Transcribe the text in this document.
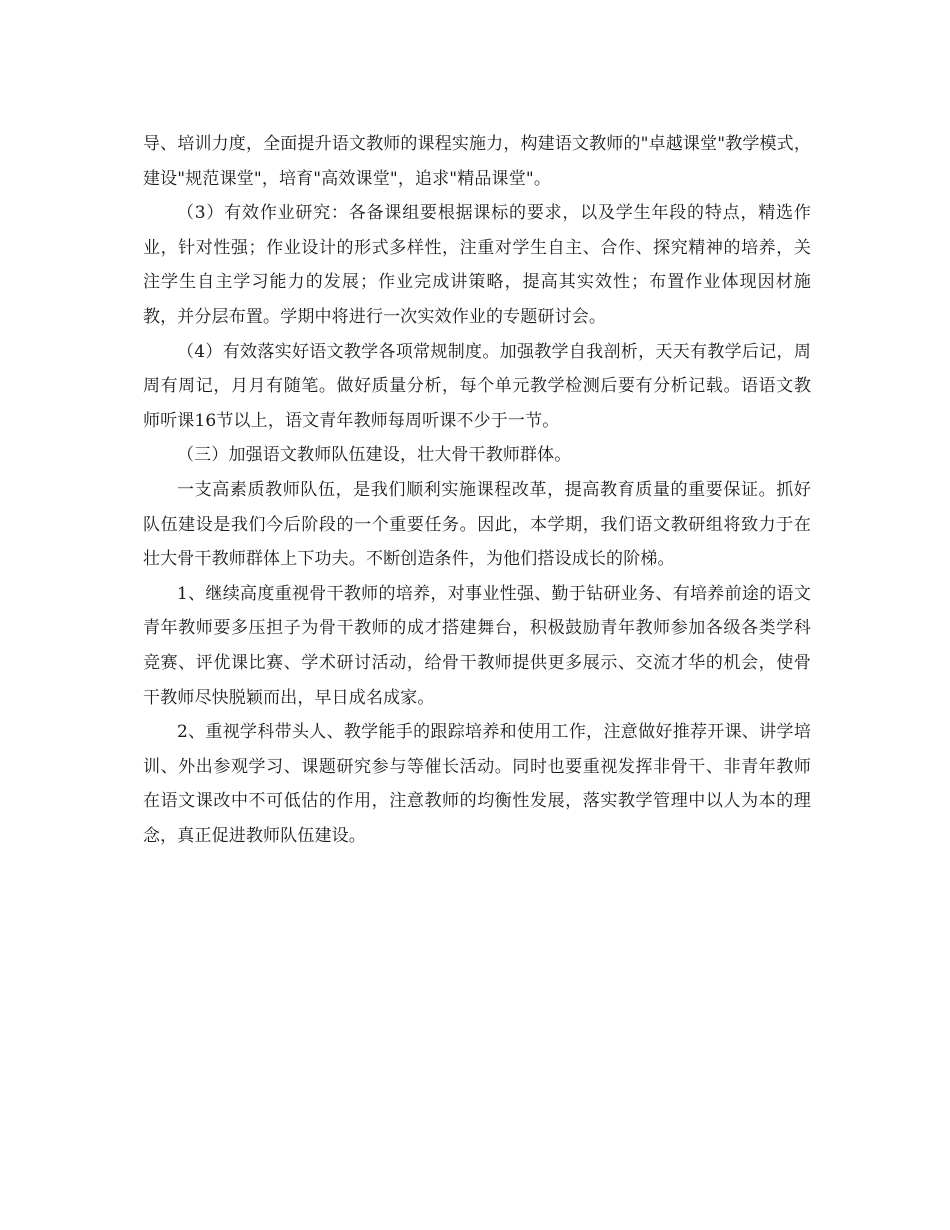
导、培训力度，全面提升语文教师的课程实施力，构建语文教师的"卓越课堂"教学模式，建设"规范课堂"，培育"高效课堂"，追求"精品课堂"。

（3）有效作业研究：各备课组要根据课标的要求，以及学生年段的特点，精选作业，针对性强；作业设计的形式多样性，注重对学生自主、合作、探究精神的培养，关注学生自主学习能力的发展；作业完成讲策略，提高其实效性；布置作业体现因材施教，并分层布置。学期中将进行一次实效作业的专题研讨会。

（4）有效落实好语文教学各项常规制度。加强教学自我剖析，天天有教学后记，周周有周记，月月有随笔。做好质量分析，每个单元教学检测后要有分析记载。语语文教师听课16节以上，语文青年教师每周听课不少于一节。

（三）加强语文教师队伍建设，壮大骨干教师群体。

一支高素质教师队伍，是我们顺利实施课程改革，提高教育质量的重要保证。抓好队伍建设是我们今后阶段的一个重要任务。因此，本学期，我们语文教研组将致力于在壮大骨干教师群体上下功夫。不断创造条件，为他们搭设成长的阶梯。

1、继续高度重视骨干教师的培养，对事业性强、勤于钻研业务、有培养前途的语文青年教师要多压担子为骨干教师的成才搭建舞台，积极鼓励青年教师参加各级各类学科竞赛、评优课比赛、学术研讨活动，给骨干教师提供更多展示、交流才华的机会，使骨干教师尽快脱颖而出，早日成名成家。

2、重视学科带头人、教学能手的跟踪培养和使用工作，注意做好推荐开课、讲学培训、外出参观学习、课题研究参与等催长活动。同时也要重视发挥非骨干、非青年教师在语文课改中不可低估的作用，注意教师的均衡性发展，落实教学管理中以人为本的理念，真正促进教师队伍建设。
